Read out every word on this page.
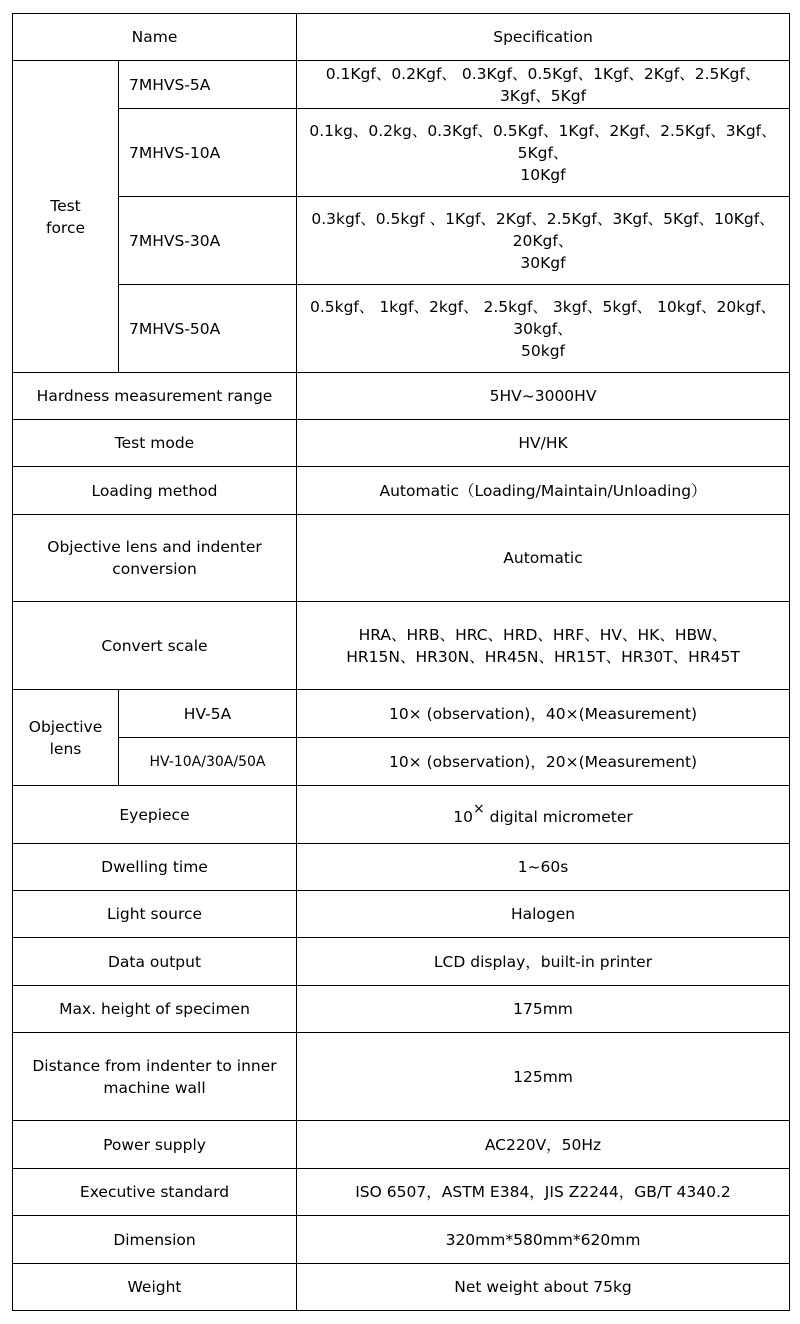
Name		Specification
Test
force	7MHVS-5A	0.1Kgf、0.2Kgf、 0.3Kgf、0.5Kgf、1Kgf、2Kgf、2.5Kgf、 3Kgf、5Kgf
	7MHVS-10A	0.1kg、0.2kg、0.3Kgf、0.5Kgf、1Kgf、2Kgf、2.5Kgf、3Kgf、5Kgf、
10Kgf
	7MHVS-30A	0.3kgf、0.5kgf 、1Kgf、2Kgf、2.5Kgf、3Kgf、5Kgf、10Kgf、20Kgf、
30Kgf
	7MHVS-50A	0.5kgf、 1kgf、2kgf、 2.5kgf、 3kgf、5kgf、 10kgf、20kgf、30kgf、
50kgf
Hardness measurement range		5HV~3000HV
Test mode		HV/HK
Loading method		Automatic（Loading/Maintain/Unloading）
Objective lens and indenter
conversion		Automatic
Convert scale		HRA、HRB、HRC、HRD、HRF、HV、HK、HBW、
HR15N、HR30N、HR45N、HR15T、HR30T、HR45T
Objective
lens	HV-5A	10× (observation)，40×(Measurement)
	HV-10A/30A/50A	10× (observation)，20×(Measurement)
Eyepiece		10× digital micrometer
Dwelling time		1~60s
Light source		Halogen
Data output		LCD display，built-in printer
Max. height of specimen		175mm
Distance from indenter to inner
machine wall		125mm
Power supply		AC220V，50Hz
Executive standard		ISO 6507，ASTM E384，JIS Z2244，GB/T 4340.2
Dimension		320mm*580mm*620mm
Weight		Net weight about 75kg
